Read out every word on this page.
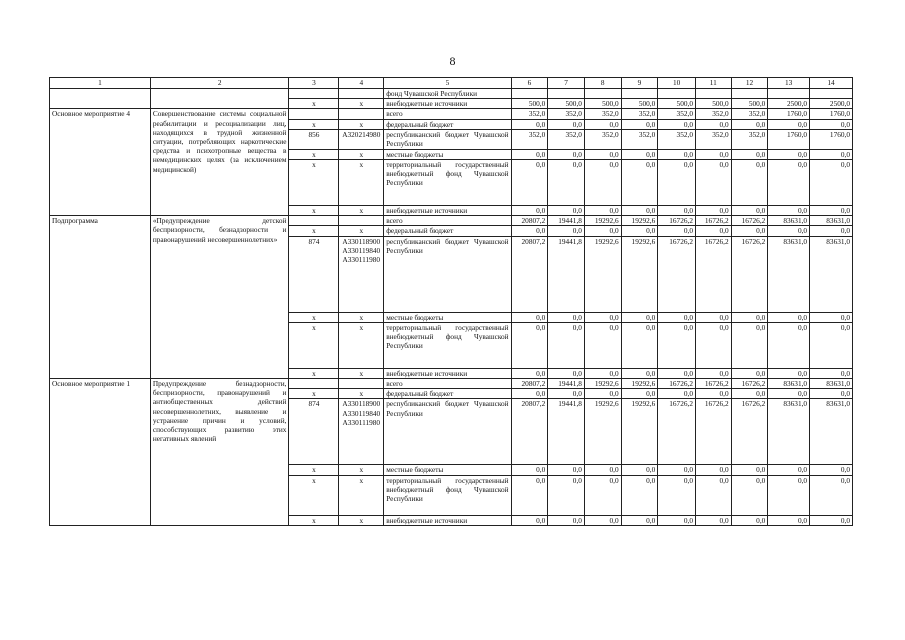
8
1	2	3	4	5	6	7	8	9	10	11	12	13	14
				фонд Чувашской Республики									
		x	x	внебюджетные источники	500,0	500,0	500,0	500,0	500,0	500,0	500,0	2500,0	2500,0
Основное мероприятие 4	Совершенствование системы социальной реабилитации и ресоциализации лиц, находящихся в трудной жизненной ситуации, потребляющих наркотические средства и психотропные вещества в немедицинских целях (за исключением медицинской)			всего	352,0	352,0	352,0	352,0	352,0	352,0	352,0	1760,0	1760,0
		x	x	федеральный бюджет	0,0	0,0	0,0	0,0	0,0	0,0	0,0	0,0	0,0
		856	А320214980	республиканский бюджет Чувашской Республики	352,0	352,0	352,0	352,0	352,0	352,0	352,0	1760,0	1760,0
		x	x	местные бюджеты	0,0	0,0	0,0	0,0	0,0	0,0	0,0	0,0	0,0
		x	x	территориальный государственный внебюджетный фонд Чувашской Республики	0,0	0,0	0,0	0,0	0,0	0,0	0,0	0,0	0,0
		x	x	внебюджетные источники	0,0	0,0	0,0	0,0	0,0	0,0	0,0	0,0	0,0
Подпрограмма	«Предупреждение детской беспризорности, безнадзорности и правонарушений несовершеннолетних»			всего	20807,2	19441,8	19292,6	19292,6	16726,2	16726,2	16726,2	83631,0	83631,0
		x	x	федеральный бюджет	0,0	0,0	0,0	0,0	0,0	0,0	0,0	0,0	0,0
		874	А330118900 А330119840 А330111980	республиканский бюджет Чувашской Республики	20807,2	19441,8	19292,6	19292,6	16726,2	16726,2	16726,2	83631,0	83631,0
		x	x	местные бюджеты	0,0	0,0	0,0	0,0	0,0	0,0	0,0	0,0	0,0
		x	x	территориальный государственный внебюджетный фонд Чувашской Республики	0,0	0,0	0,0	0,0	0,0	0,0	0,0	0,0	0,0
		x	x	внебюджетные источники	0,0	0,0	0,0	0,0	0,0	0,0	0,0	0,0	0,0
Основное мероприятие 1	Предупреждение безнадзорности, беспризорности, правонарушений и антиобщественных действий несовершеннолетних, выявление и устранение причин и условий, способствующих развитию этих негативных явлений			всего	20807,2	19441,8	19292,6	19292,6	16726,2	16726,2	16726,2	83631,0	83631,0
		x	x	федеральный бюджет	0,0	0,0	0,0	0,0	0,0	0,0	0,0	0,0	0,0
		874	А330118900 А330119840 А330111980	республиканский бюджет Чувашской Республики	20807,2	19441,8	19292,6	19292,6	16726,2	16726,2	16726,2	83631,0	83631,0
		x	x	местные бюджеты	0,0	0,0	0,0	0,0	0,0	0,0	0,0	0,0	0,0
		x	x	территориальный государственный внебюджетный фонд Чувашской Республики	0,0	0,0	0,0	0,0	0,0	0,0	0,0	0,0	0,0
		x	x	внебюджетные источники	0,0	0,0	0,0	0,0	0,0	0,0	0,0	0,0	0,0
